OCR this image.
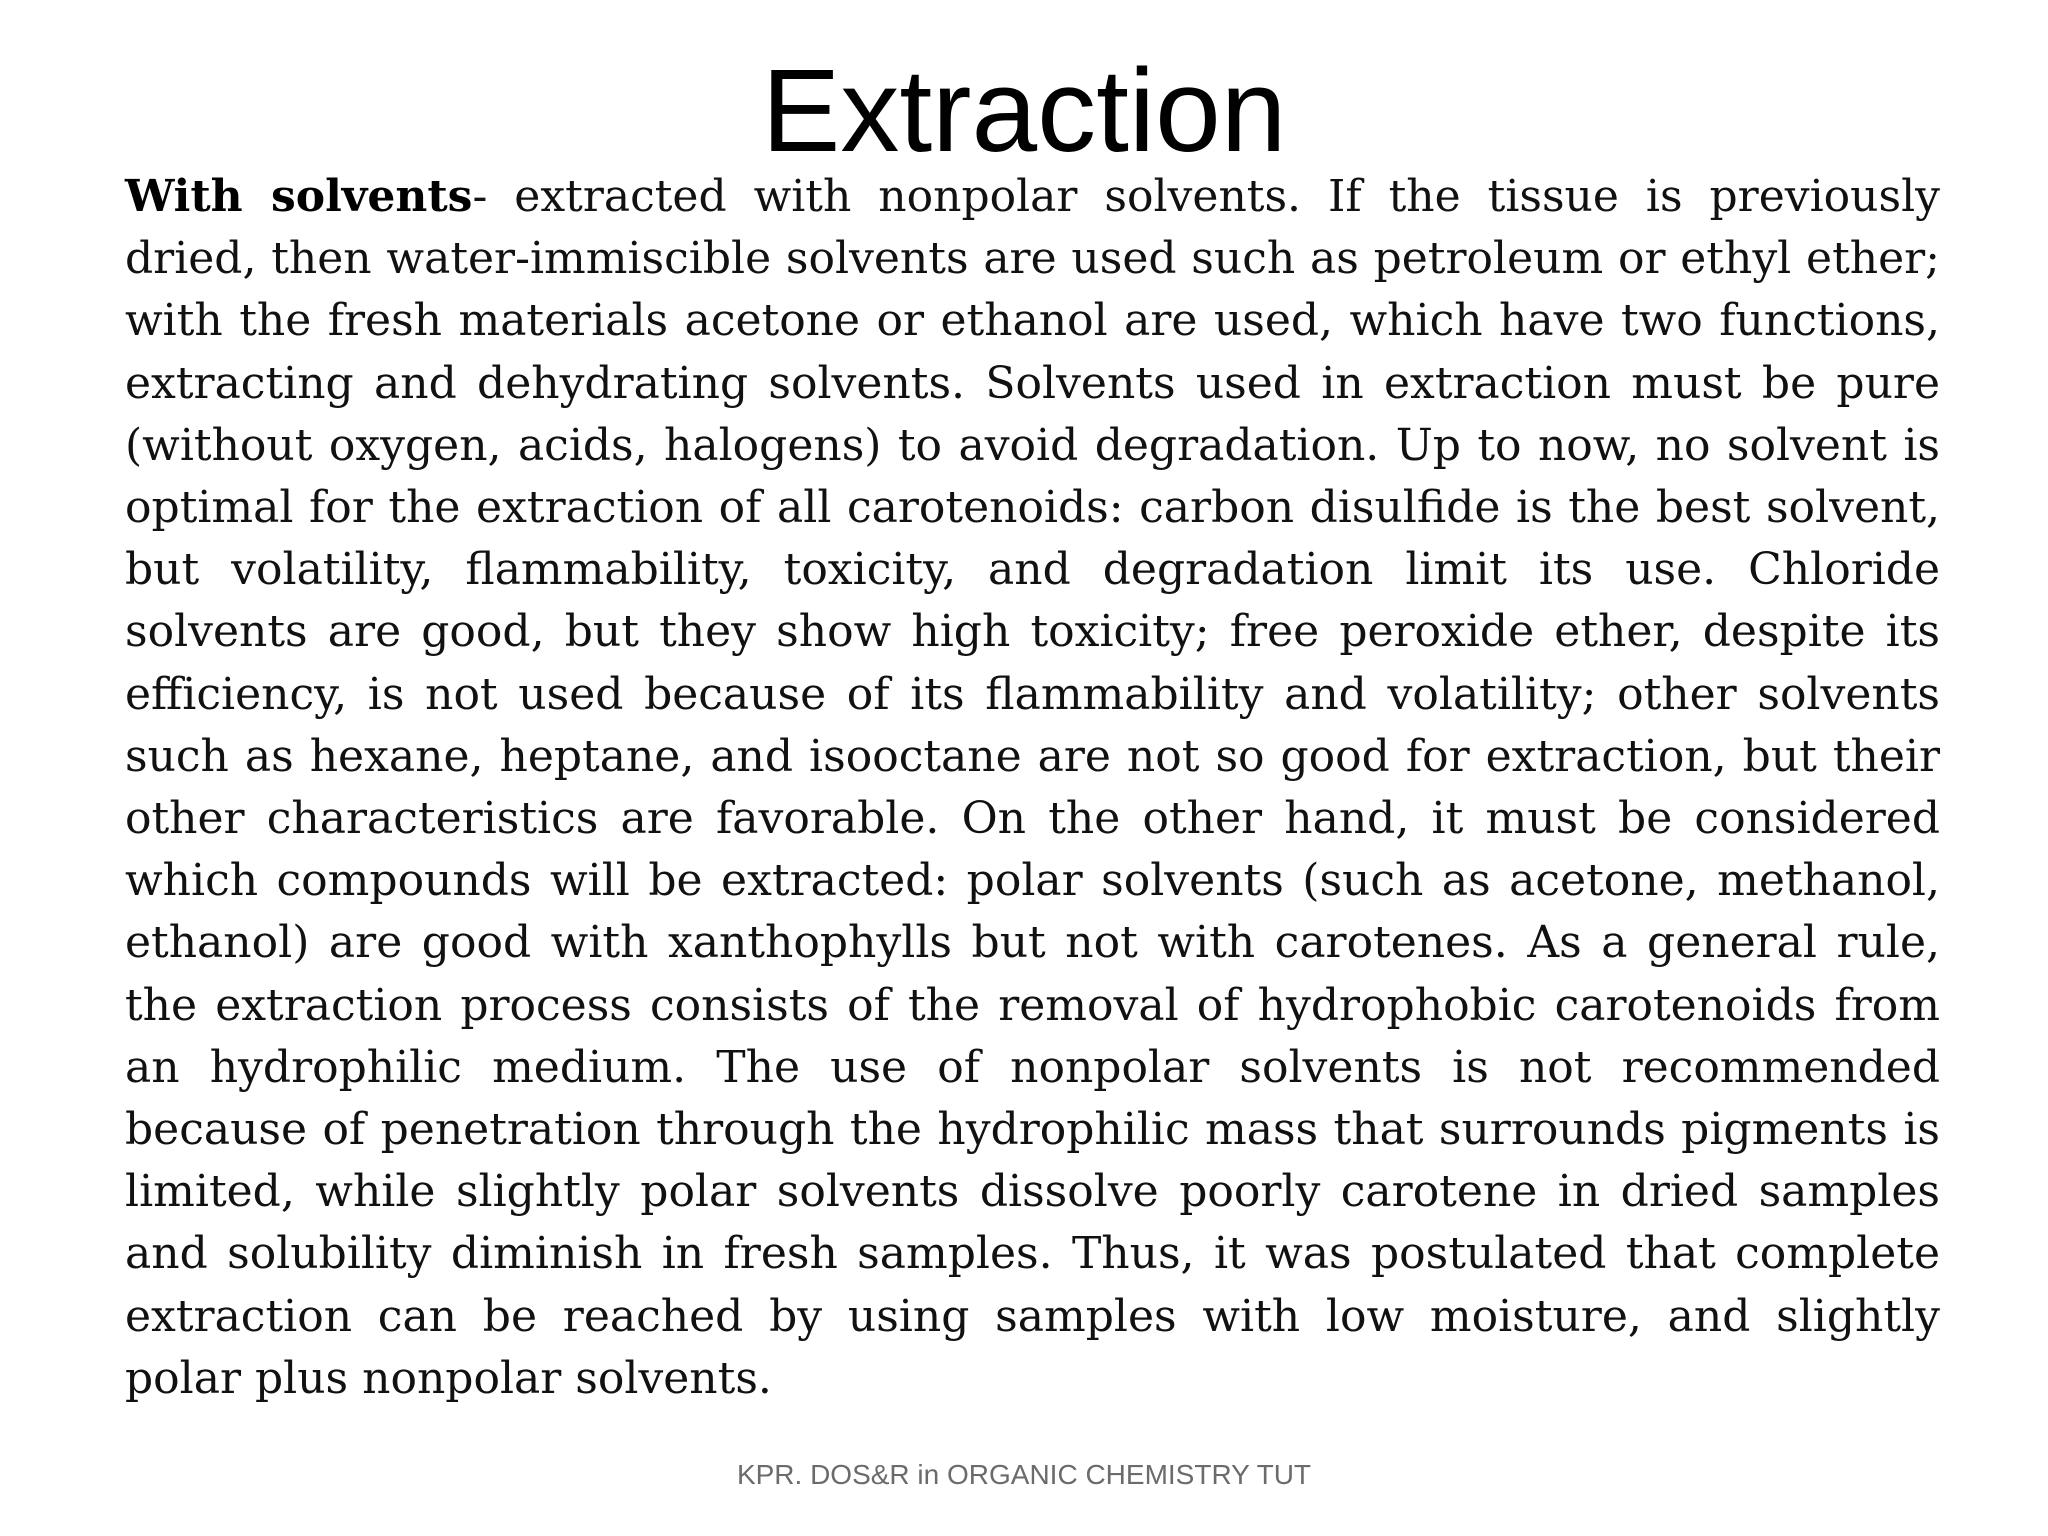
Extraction

With solvents- extracted with nonpolar solvents. If the tissue is previously dried, then water-immiscible solvents are used such as petroleum or ethyl ether; with the fresh materials acetone or ethanol are used, which have two functions, extracting and dehydrating solvents. Solvents used in extraction must be pure (without oxygen, acids, halogens) to avoid degradation. Up to now, no solvent is optimal for the extraction of all carotenoids: carbon disulfide is the best solvent, but volatility, flammability, toxicity, and degradation limit its use. Chloride solvents are good, but they show high toxicity; free peroxide ether, despite its efficiency, is not used because of its flammability and volatility; other solvents such as hexane, heptane, and isooctane are not so good for extraction, but their other characteristics are favorable. On the other hand, it must be considered which compounds will be extracted: polar solvents (such as acetone, methanol, ethanol) are good with xanthophylls but not with carotenes. As a general rule, the extraction process consists of the removal of hydrophobic carotenoids from an hydrophilic medium. The use of nonpolar solvents is not recommended because of penetration through the hydrophilic mass that surrounds pigments is limited, while slightly polar solvents dissolve poorly carotene in dried samples and solubility diminish in fresh samples. Thus, it was postulated that complete extraction can be reached by using samples with low moisture, and slightly polar plus nonpolar solvents.

KPR. DOS&R in ORGANIC CHEMISTRY TUT
